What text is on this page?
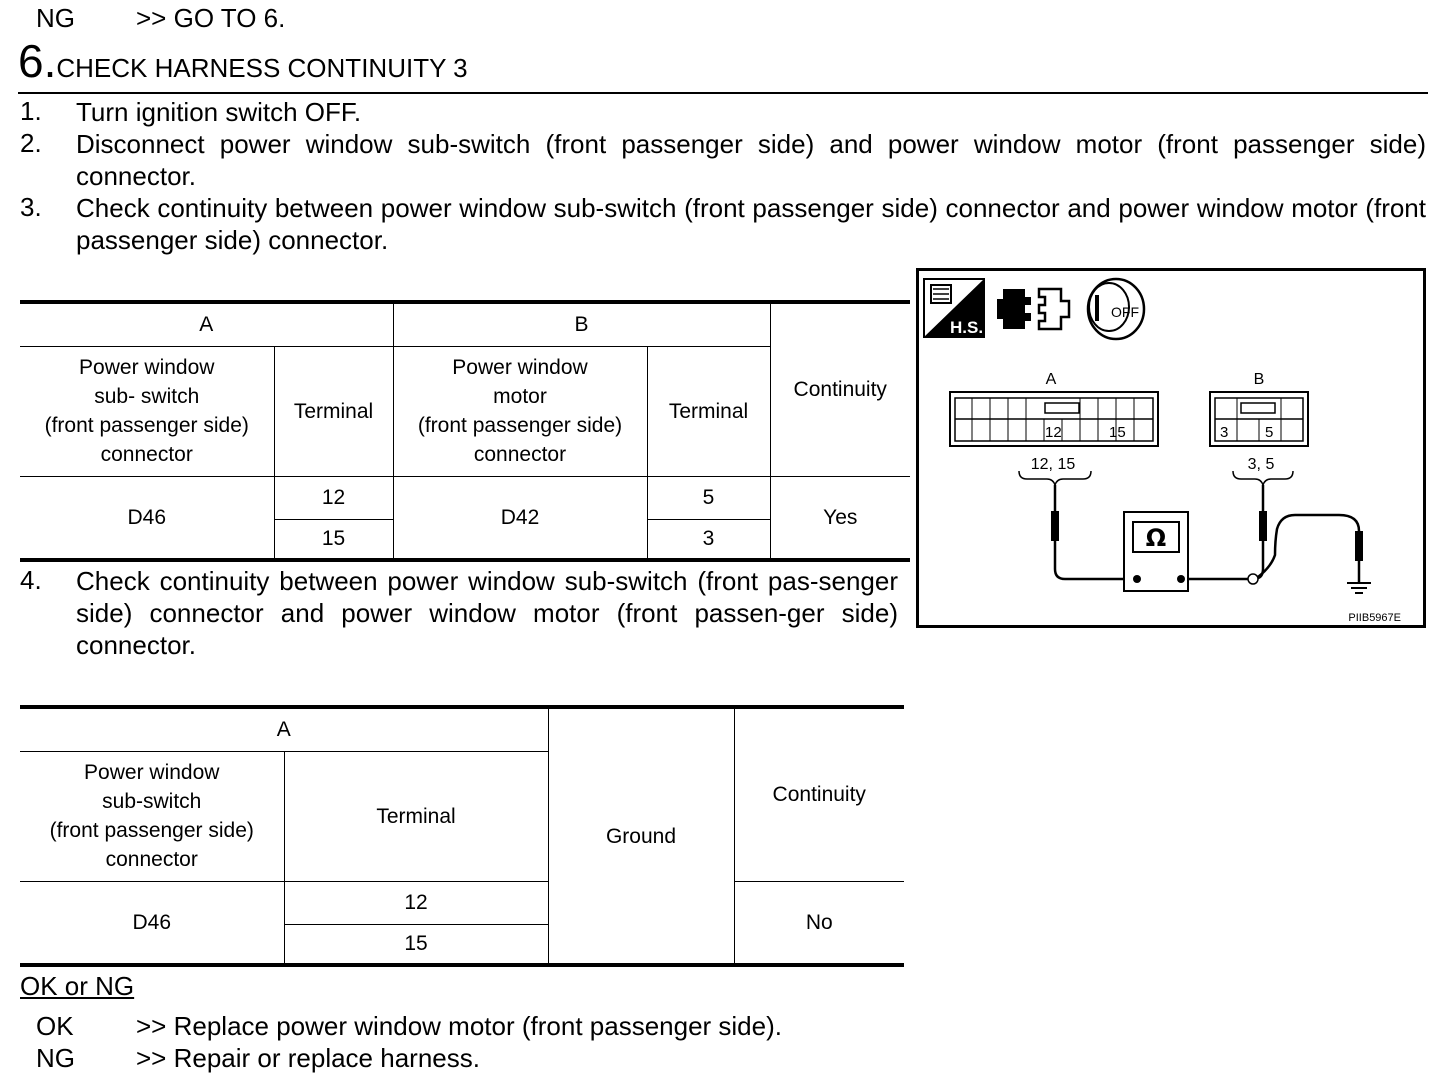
NG >> GO TO 6.
6.CHECK HARNESS CONTINUITY 3
1. Turn ignition switch OFF.
2. Disconnect power window sub-switch (front passenger side) and power window motor (front passenger side) connector.
3. Check continuity between power window sub-switch (front passenger side) connector and power window motor (front passenger side) connector.
A		B		Continuity
Power window
sub- switch
(front passenger side)
connector	Terminal	Power window
motor
(front passenger side)
connector	Terminal	
D46	12	D42	5	Yes
	15		3	
4. Check continuity between power window sub-switch (front pas-senger side) connector and power window motor (front passen-ger side) connector.
H.S.
OFF
A
12	15
B
3 5
12, 15	3, 5
Ω
PIIB5967E
A		Ground	Continuity
Power window
sub-switch
(front passenger side)
connector	Terminal		
D46	12		No
	15		
OK or NG
OK >> Replace power window motor (front passenger side).
NG >> Repair or replace harness.
